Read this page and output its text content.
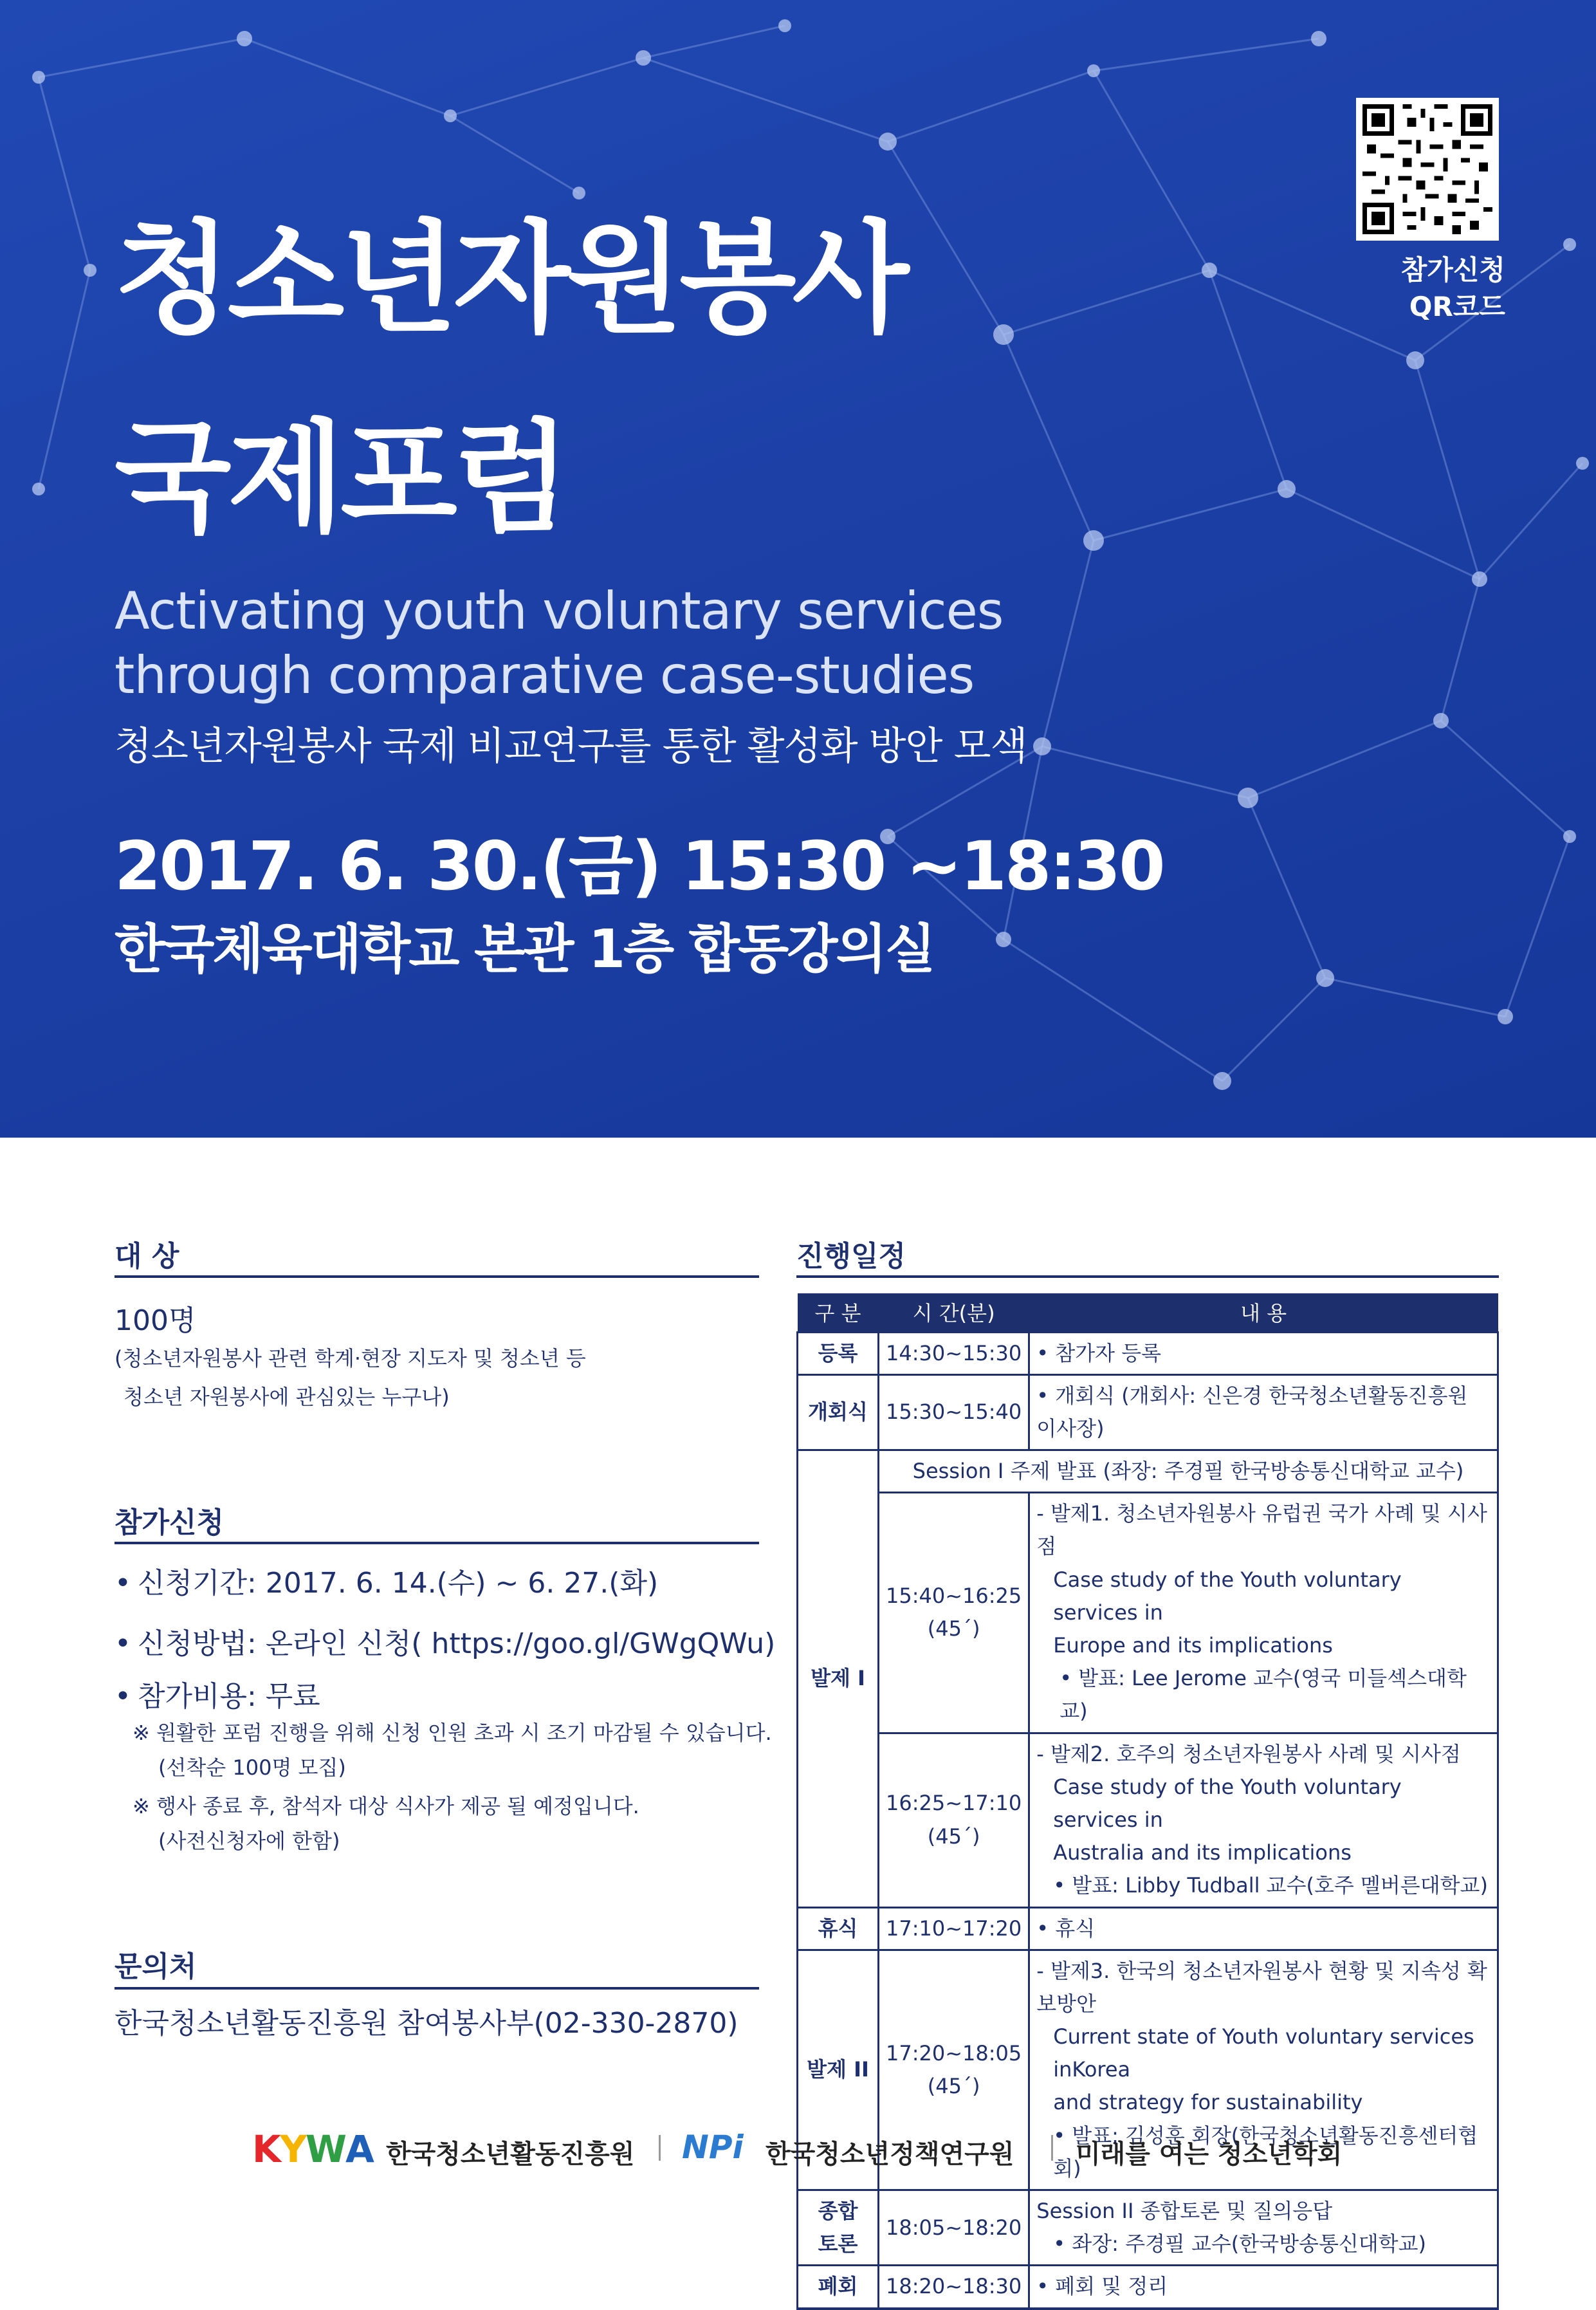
청소년자원봉사
국제포럼
Activating youth voluntary services
through comparative case-studies
청소년자원봉사 국제 비교연구를 통한 활성화 방안 모색
2017. 6. 30.(금) 15:30 ~18:30
한국체육대학교 본관 1층 합동강의실
참가신청
QR코드
대 상
100명
(청소년자원봉사 관련 학계·현장 지도자 및 청소년 등
청소년 자원봉사에 관심있는 누구나)
참가신청
• 신청기간: 2017. 6. 14.(수) ~ 6. 27.(화)
• 신청방법: 온라인 신청( https://goo.gl/GWgQWu)
• 참가비용: 무료
※ 원활한 포럼 진행을 위해 신청 인원 초과 시 조기 마감될 수 있습니다.
(선착순 100명 모집)
※ 행사 종료 후, 참석자 대상 식사가 제공 될 예정입니다.
(사전신청자에 한함)
문의처
한국청소년활동진흥원 참여봉사부(02-330-2870)
진행일정
구 분	시 간(분)	내 용
등록	14:30~15:30	• 참가자 등록
개회식	15:30~15:40	• 개회식 (개회사: 신은경 한국청소년활동진흥원 이사장)
발제 I	Session I 주제 발표 (좌장: 주경필 한국방송통신대학교 교수)	

	15:40~16:25
(45´)	- 발제1. 청소년자원봉사 유럽권 국가 사례 및 시사점
Case study of the Youth voluntary services in
Europe and its implications
• 발표: Lee Jerome 교수(영국 미들섹스대학교)

	16:25~17:10
(45´)	- 발제2. 호주의 청소년자원봉사 사례 및 시사점
Case study of the Youth voluntary services in
Australia and its implications
• 발표: Libby Tudball 교수(호주 멜버른대학교)

휴식	17:10~17:20	• 휴식
발제 II	17:20~18:05
(45´)	- 발제3. 한국의 청소년자원봉사 현황 및 지속성 확보방안
Current state of Youth voluntary services inKorea
and strategy for sustainability
• 발표: 김성훈 회장(한국청소년활동진흥센터협회)

종합
토론	18:05~18:20	Session II 종합토론 및 질의응답
• 좌장: 주경필 교수(한국방송통신대학교)

폐회	18:20~18:30	• 폐회 및 정리
KYWA 한국청소년활동진흥원 NPi 한국청소년정책연구원 미래를 여는 청소년학회
